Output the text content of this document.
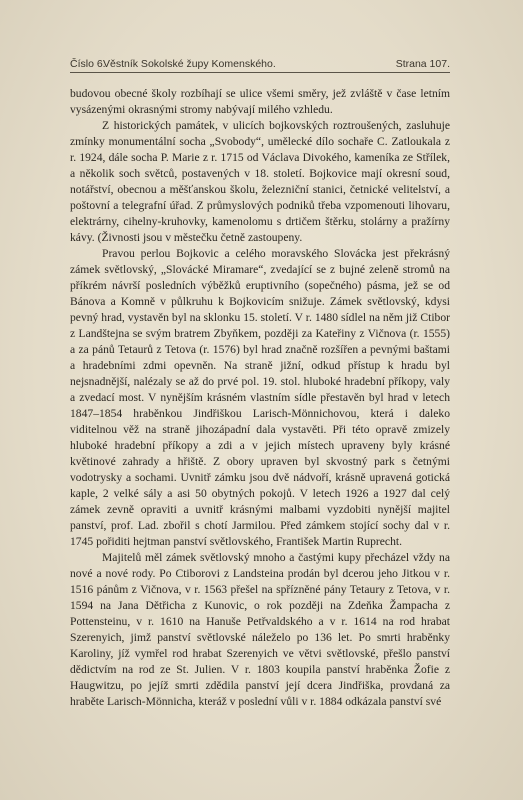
Číslo 6.
Věstník Sokolské župy Komenského.	Strana 107.

budovou obecné školy rozbíhají se ulice všemi směry, jež zvláště v čase letním vysázenými okrasnými stromy nabývají milého vzhledu.

Z historických památek, v ulicích bojkovských roztroušených, zasluhuje zmínky monumentální socha „Svobody“, umělecké dílo sochaře C. Zatloukala z r. 1924, dále socha P. Marie z r. 1715 od Václava Divokého, kameníka ze Střílek, a několik soch světců, postavených v 18. století. Bojkovice mají okresní soud, notářství, obecnou a měšťanskou školu, železniční stanici, četnické velitelství, a poštovní a telegrafní úřad. Z průmyslových podniků třeba vzpomenouti lihovaru, elektrárny, cihelny-kruhovky, kamenolomu s drtičem štěrku, stolárny a pražírny kávy. (Živnosti jsou v městečku četně zastoupeny.

Pravou perlou Bojkovic a celého moravského Slovácka jest překrásný zámek světlovský, „Slovácké Miramare“, zvedající se z bujné zeleně stromů na příkrém návrší posledních výběžků eruptivního (sopečného) pásma, jež se od Bánova a Komně v půlkruhu k Bojkovicím snižuje. Zámek světlovský, kdysi pevný hrad, vystavěn byl na sklonku 15. století. V r. 1480 sídlel na něm již Ctibor z Landštejna se svým bratrem Zbyňkem, později za Kateřiny z Vičnova (r. 1555) a za pánů Tetaurů z Tetova (r. 1576) byl hrad značně rozšířen a pevnými baštami a hradebními zdmi opevněn. Na straně jižní, odkud přístup k hradu byl nejsnadnější, nalézaly se až do prvé pol. 19. stol. hluboké hradební příkopy, valy a zvedací most. V nynějším krásném vlastním sídle přestavěn byl hrad v letech 1847–1854 hraběnkou Jindřiškou Larisch-Mönnichovou, která i daleko viditelnou věž na straně jihozápadní dala vystavěti. Při této opravě zmizely hluboké hradební příkopy a zdi a v jejich místech upraveny byly krásné květinové zahrady a hřiště. Z obory upraven byl skvostný park s četnými vodotrysky a sochami. Uvnitř zámku jsou dvě nádvoří, krásně upravená gotická kaple, 2 velké sály a asi 50 obytných pokojů. V letech 1926 a 1927 dal celý zámek zevně opraviti a uvnitř krásnými malbami vyzdobiti nynější majitel panství, prof. Lad. zbořil s chotí Jarmilou. Před zámkem stojící sochy dal v r. 1745 pořiditi hejtman panství světlovského, František Martin Ruprecht.

Majitelů měl zámek světlovský mnoho a častými kupy přecházel vždy na nové a nové rody. Po Ctiborovi z Landsteina prodán byl dcerou jeho Jitkou v r. 1516 pánům z Vičnova, v r. 1563 přešel na spřízněné pány Tetaury z Tetova, v r. 1594 na Jana Dětřicha z Kunovic, o rok později na Zdeňka Žampacha z Pottensteinu, v r. 1610 na Hanuše Petřvaldského a v r. 1614 na rod hrabat Szerenyich, jimž panství světlovské náleželo po 136 let. Po smrti hraběnky Karoliny, jíž vymřel rod hrabat Szerenyich ve větvi světlovské, přešlo panství dědictvím na rod ze St. Julien. V r. 1803 koupila panství hraběnka Žofie z Haugwitzu, po jejíž smrti zdědila panství její dcera Jindřiška, provdaná za hraběte Larisch-Mönnicha, kteráž v poslední vůli v r. 1884 odkázala panství své
